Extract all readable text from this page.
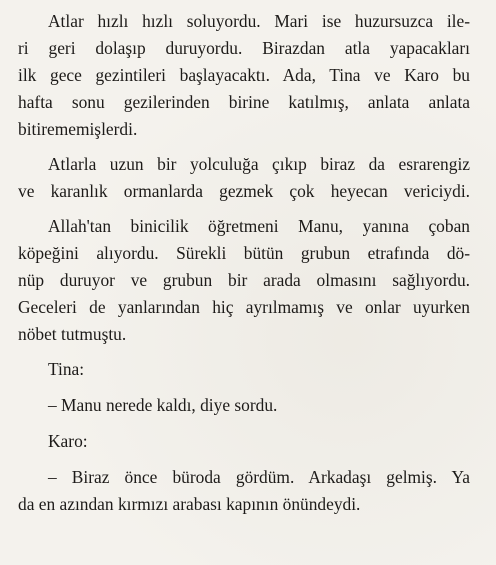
Atlar hızlı hızlı soluyordu. Mari ise huzursuzca ile-
ri geri dolaşıp duruyordu. Birazdan atla yapacakları
ilk gece gezintileri başlayacaktı. Ada, Tina ve Karo bu
hafta sonu gezilerinden birine katılmış, anlata anlata
bitirememişlerdi.

Atlarla uzun bir yolculuğa çıkıp biraz da esrarengiz
ve karanlık ormanlarda gezmek çok heyecan vericiydi.

Allah'tan binicilik öğretmeni Manu, yanına çoban
köpeğini alıyordu. Sürekli bütün grubun etrafında dö-
nüp duruyor ve grubun bir arada olmasını sağlıyordu.
Geceleri de yanlarından hiç ayrılmamış ve onlar uyurken
nöbet tutmuştu.

Tina:

– Manu nerede kaldı, diye sordu.

Karo:

– Biraz önce büroda gördüm. Arkadaşı gelmiş. Ya
da en azından kırmızı arabası kapının önündeydi.
